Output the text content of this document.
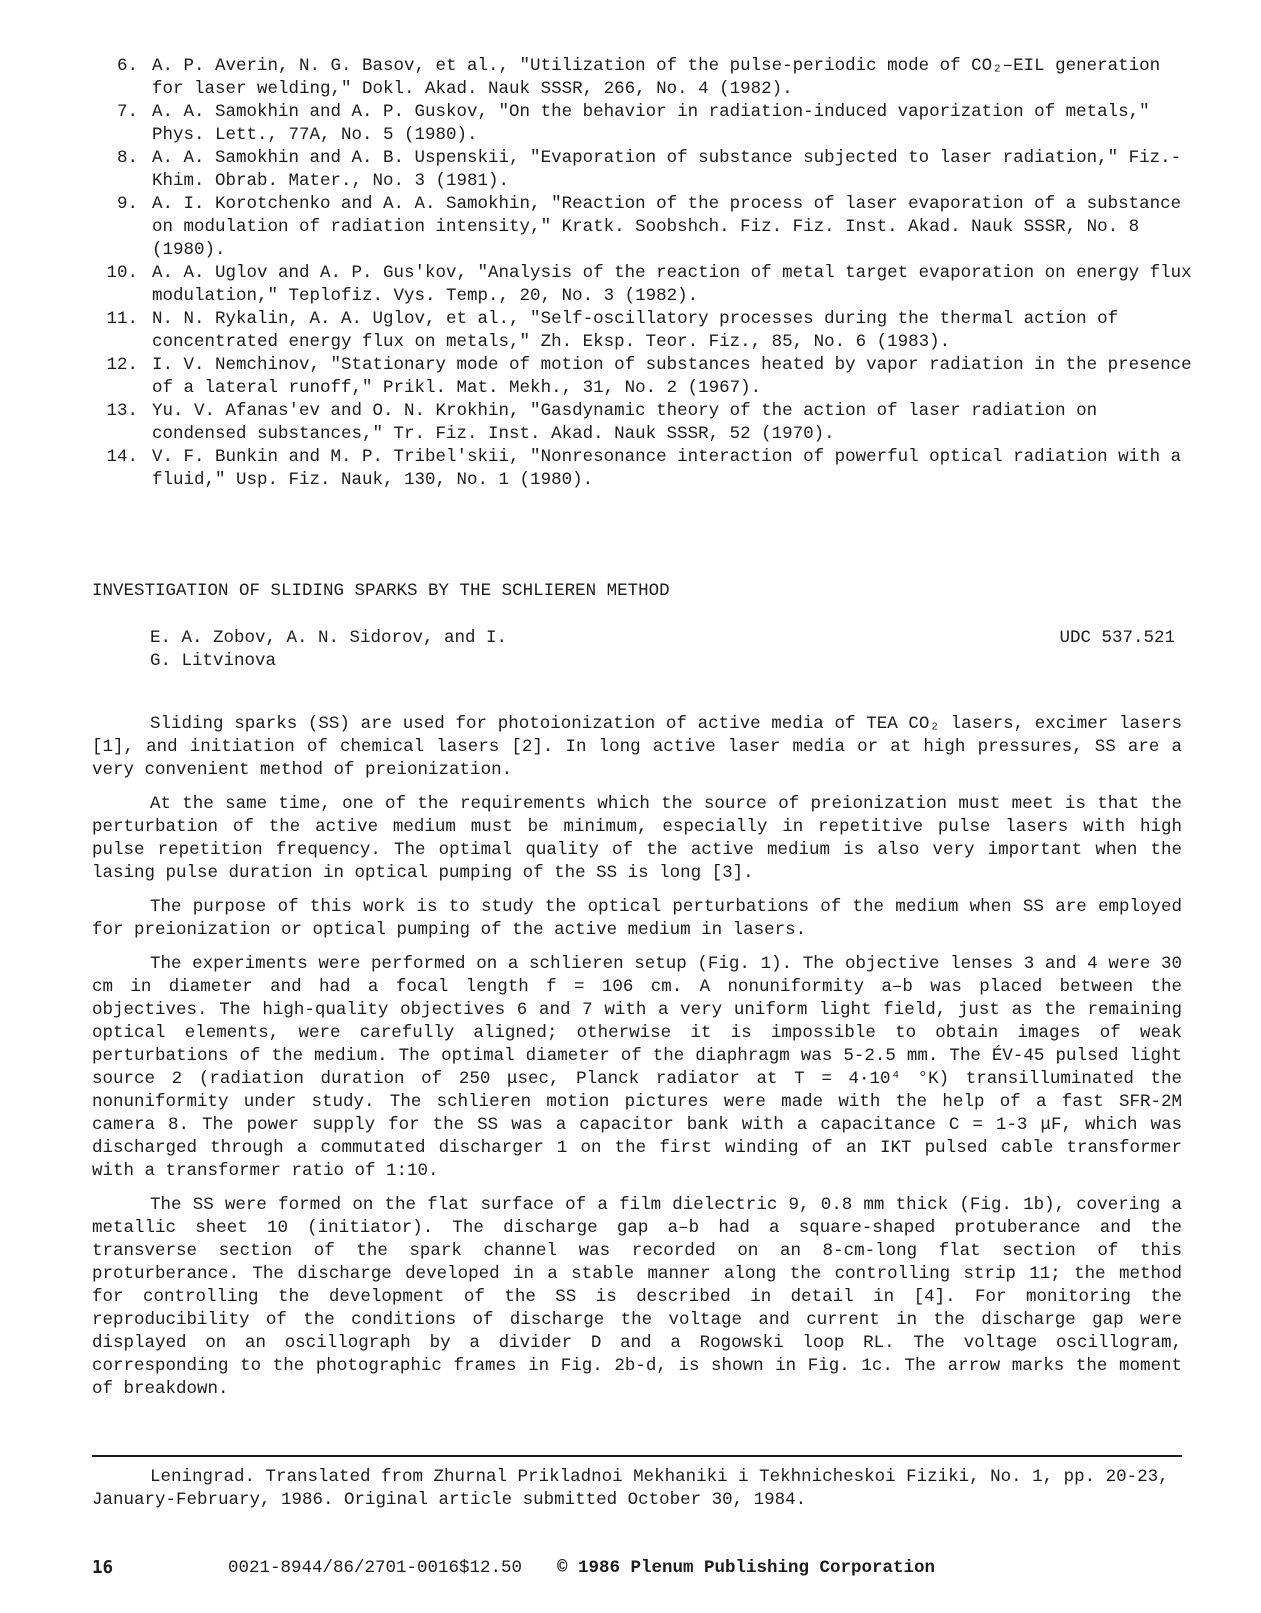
6. A. P. Averin, N. G. Basov, et al., "Utilization of the pulse-periodic mode of CO₂–EIL generation for laser welding," Dokl. Akad. Nauk SSSR, 266, No. 4 (1982).
7. A. A. Samokhin and A. P. Guskov, "On the behavior in radiation-induced vaporization of metals," Phys. Lett., 77A, No. 5 (1980).
8. A. A. Samokhin and A. B. Uspenskii, "Evaporation of substance subjected to laser radiation," Fiz.-Khim. Obrab. Mater., No. 3 (1981).
9. A. I. Korotchenko and A. A. Samokhin, "Reaction of the process of laser evaporation of a substance on modulation of radiation intensity," Kratk. Soobshch. Fiz. Fiz. Inst. Akad. Nauk SSSR, No. 8 (1980).
10. A. A. Uglov and A. P. Gus'kov, "Analysis of the reaction of metal target evaporation on energy flux modulation," Teplofiz. Vys. Temp., 20, No. 3 (1982).
11. N. N. Rykalin, A. A. Uglov, et al., "Self-oscillatory processes during the thermal action of concentrated energy flux on metals," Zh. Eksp. Teor. Fiz., 85, No. 6 (1983).
12. I. V. Nemchinov, "Stationary mode of motion of substances heated by vapor radiation in the presence of a lateral runoff," Prikl. Mat. Mekh., 31, No. 2 (1967).
13. Yu. V. Afanas'ev and O. N. Krokhin, "Gasdynamic theory of the action of laser radiation on condensed substances," Tr. Fiz. Inst. Akad. Nauk SSSR, 52 (1970).
14. V. F. Bunkin and M. P. Tribel'skii, "Nonresonance interaction of powerful optical radiation with a fluid," Usp. Fiz. Nauk, 130, No. 1 (1980).
INVESTIGATION OF SLIDING SPARKS BY THE SCHLIEREN METHOD
E. A. Zobov, A. N. Sidorov, and I. G. Litvinova
UDC 537.521

Sliding sparks (SS) are used for photoionization of active media of TEA CO₂ lasers, excimer lasers [1], and initiation of chemical lasers [2]. In long active laser media or at high pressures, SS are a very convenient method of preionization.

At the same time, one of the requirements which the source of preionization must meet is that the perturbation of the active medium must be minimum, especially in repetitive pulse lasers with high pulse repetition frequency. The optimal quality of the active medium is also very important when the lasing pulse duration in optical pumping of the SS is long [3].

The purpose of this work is to study the optical perturbations of the medium when SS are employed for preionization or optical pumping of the active medium in lasers.

The experiments were performed on a schlieren setup (Fig. 1). The objective lenses 3 and 4 were 30 cm in diameter and had a focal length f = 106 cm. A nonuniformity a–b was placed between the objectives. The high-quality objectives 6 and 7 with a very uniform light field, just as the remaining optical elements, were carefully aligned; otherwise it is impossible to obtain images of weak perturbations of the medium. The optimal diameter of the diaphragm was 5-2.5 mm. The ÉV-45 pulsed light source 2 (radiation duration of 250 μsec, Planck radiator at T = 4·10⁴ °K) transilluminated the nonuniformity under study. The schlieren motion pictures were made with the help of a fast SFR-2M camera 8. The power supply for the SS was a capacitor bank with a capacitance C = 1-3 μF, which was discharged through a commutated discharger 1 on the first winding of an IKT pulsed cable transformer with a transformer ratio of 1:10.

The SS were formed on the flat surface of a film dielectric 9, 0.8 mm thick (Fig. 1b), covering a metallic sheet 10 (initiator). The discharge gap a–b had a square-shaped protuberance and the transverse section of the spark channel was recorded on an 8-cm-long flat section of this proturberance. The discharge developed in a stable manner along the controlling strip 11; the method for controlling the development of the SS is described in detail in [4]. For monitoring the reproducibility of the conditions of discharge the voltage and current in the discharge gap were displayed on an oscillograph by a divider D and a Rogowski loop RL. The voltage oscillogram, corresponding to the photographic frames in Fig. 2b-d, is shown in Fig. 1c. The arrow marks the moment of breakdown.

Leningrad. Translated from Zhurnal Prikladnoi Mekhaniki i Tekhnicheskoi Fiziki, No. 1, pp. 20-23, January-February, 1986. Original article submitted October 30, 1984.

16	0021-8944/86/2701-0016$12.50 © 1986 Plenum Publishing Corporation
